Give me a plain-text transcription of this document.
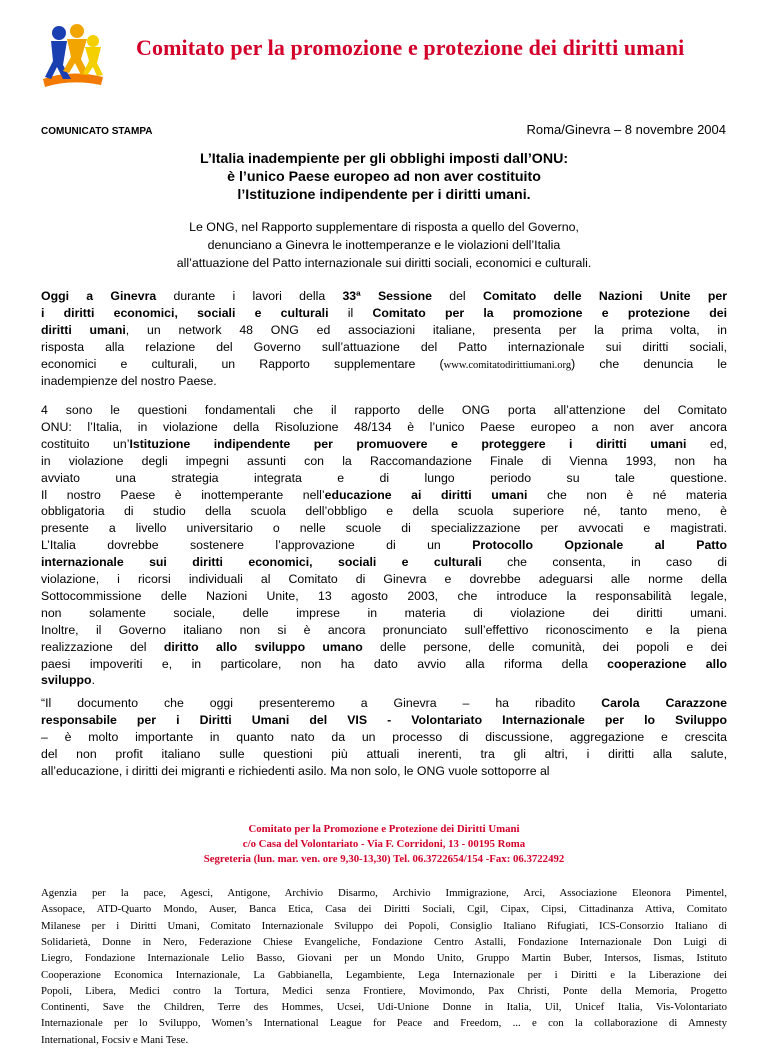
Comitato per la promozione e protezione dei diritti umani
COMUNICATO STAMPA	Roma/Ginevra – 8 novembre 2004
L’Italia inadempiente per gli obblighi imposti dall’ONU:
è l’unico Paese europeo ad non aver costituito
l’Istituzione indipendente per i diritti umani.
Le ONG, nel Rapporto supplementare di risposta a quello del Governo,
denunciano a Ginevra le inottemperanze e le violazioni dell’Italia
all’attuazione del Patto internazionale sui diritti sociali, economici e culturali.
Oggi a Ginevra durante i lavori della 33ª Sessione del Comitato delle Nazioni Unite per
i diritti economici, sociali e culturali il Comitato per la promozione e protezione dei
diritti umani, un network 48 ONG ed associazioni italiane, presenta per la prima volta, in
risposta alla relazione del Governo sull’attuazione del Patto internazionale sui diritti sociali,
economici e culturali, un Rapporto supplementare (www.comitatodirittiumani.org) che denuncia le
inadempienze del nostro Paese.
4 sono le questioni fondamentali che il rapporto delle ONG porta all’attenzione del Comitato
ONU: l’Italia, in violazione della Risoluzione 48/134 è l’unico Paese europeo a non aver ancora
costituito un’Istituzione indipendente per promuovere e proteggere i diritti umani ed,
in violazione degli impegni assunti con la Raccomandazione Finale di Vienna 1993, non ha
avviato una strategia integrata e di lungo periodo su tale questione.
Il nostro Paese è inottemperante nell’educazione ai diritti umani che non è né materia
obbligatoria di studio della scuola dell’obbligo e della scuola superiore né, tanto meno, è
presente a livello universitario o nelle scuole di specializzazione per avvocati e magistrati.
L’Italia dovrebbe sostenere l’approvazione di un Protocollo Opzionale al Patto
internazionale sui diritti economici, sociali e culturali che consenta, in caso di
violazione, i ricorsi individuali al Comitato di Ginevra e dovrebbe adeguarsi alle norme della
Sottocommissione delle Nazioni Unite, 13 agosto 2003, che introduce la responsabilità legale,
non solamente sociale, delle imprese in materia di violazione dei diritti umani.
Inoltre, il Governo italiano non si è ancora pronunciato sull’effettivo riconoscimento e la piena
realizzazione del diritto allo sviluppo umano delle persone, delle comunità, dei popoli e dei
paesi impoveriti e, in particolare, non ha dato avvio alla riforma della cooperazione allo
sviluppo.
“Il documento che oggi presenteremo a Ginevra – ha ribadito Carola Carazzone
responsabile per i Diritti Umani del VIS - Volontariato Internazionale per lo Sviluppo
– è molto importante in quanto nato da un processo di discussione, aggregazione e crescita
del non profit italiano sulle questioni più attuali inerenti, tra gli altri, i diritti alla salute,
all’educazione, i diritti dei migranti e richiedenti asilo. Ma non solo, le ONG vuole sottoporre al
Comitato per la Promozione e Protezione dei Diritti Umani
c/o Casa del Volontariato - Via F. Corridoni, 13 - 00195 Roma
Segreteria (lun. mar. ven. ore 9,30-13,30) Tel. 06.3722654/154 -Fax: 06.3722492
Agenzia per la pace, Agesci, Antigone, Archivio Disarmo, Archivio Immigrazione, Arci, Associazione Eleonora Pimentel,
Assopace, ATD-Quarto Mondo, Auser, Banca Etica, Casa dei Diritti Sociali, Cgil, Cipax, Cipsi, Cittadinanza Attiva, Comitato
Milanese per i Diritti Umani, Comitato Internazionale Sviluppo dei Popoli, Consiglio Italiano Rifugiati, ICS-Consorzio Italiano di
Solidarietà, Donne in Nero, Federazione Chiese Evangeliche, Fondazione Centro Astalli, Fondazione Internazionale Don Luigi di
Liegro, Fondazione Internazionale Lelio Basso, Giovani per un Mondo Unito, Gruppo Martin Buber, Intersos, Iismas, Istituto
Cooperazione Economica Internazionale, La Gabbianella, Legambiente, Lega Internazionale per i Diritti e la Liberazione dei
Popoli, Libera, Medici contro la Tortura, Medici senza Frontiere, Movimondo, Pax Christi, Ponte della Memoria, Progetto
Continenti, Save the Children, Terre des Hommes, Ucsei, Udi-Unione Donne in Italia, Uil, Unicef Italia, Vis-Volontariato
Internazionale per lo Sviluppo, Women’s International League for Peace and Freedom, ... e con la collaborazione di Amnesty
International, Focsiv e Mani Tese.
